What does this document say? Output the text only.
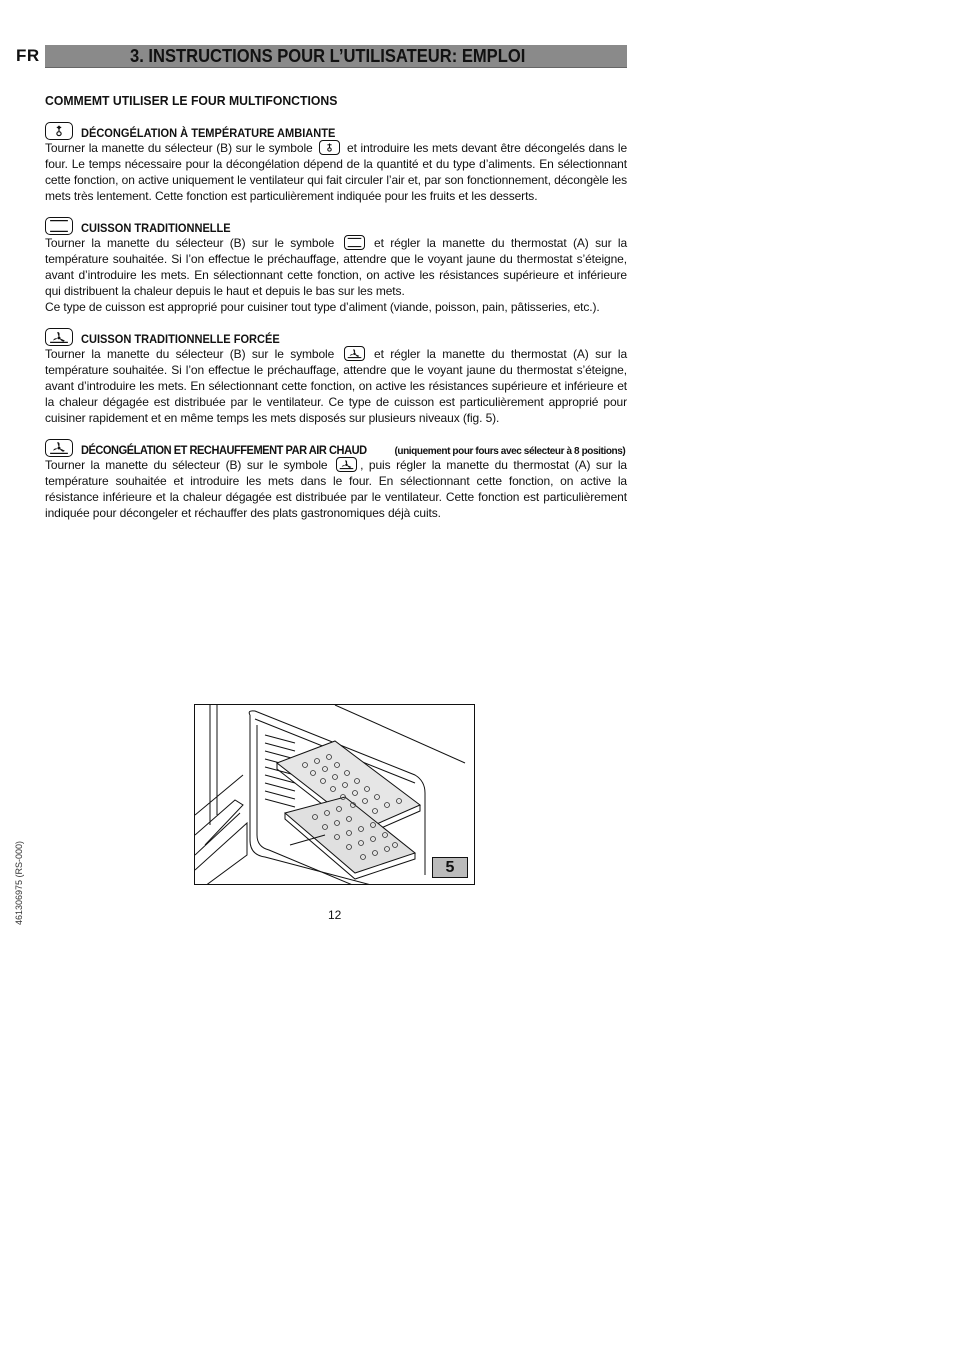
FR	3. INSTRUCTIONS POUR L’UTILISATEUR: EMPLOI
COMMEMT UTILISER LE FOUR MULTIFONCTIONS
DÉCONGÉLATION À TEMPÉRATURE AMBIANTE

Tourner la manette du sélecteur (B) sur le symbole	et introduire les mets devant être décongelés dans le four. Le temps nécessaire pour la décongélation dépend de la quantité et du type d’aliments. En sélectionnant cette fonction, on active uniquement le ventilateur qui fait circuler l’air et, par son fonctionnement, décongèle les mets très lentement. Cette fonction est particulièrement indiquée pour les fruits et les desserts.

CUISSON TRADITIONNELLE

Tourner la manette du sélecteur (B) sur le symbole	et régler la manette du thermostat (A) sur la température souhaitée. Si l’on effectue le préchauffage, attendre que le voyant jaune du thermostat s’éteigne, avant d’introduire les mets. En sélectionnant cette fonction, on active les résistances supérieure et inférieure qui distribuent la chaleur depuis le haut et depuis le bas sur les mets.
Ce type de cuisson est approprié pour cuisiner tout type d’aliment (viande, poisson, pain, pâtisseries, etc.).

CUISSON TRADITIONNELLE FORCÉE

Tourner la manette du sélecteur (B) sur le symbole	et régler la manette du thermostat (A) sur la température souhaitée. Si l’on effectue le préchauffage, attendre que le voyant jaune du thermostat s’éteigne, avant d’introduire les mets. En sélectionnant cette fonction, on active les résistances supérieure et inférieure et la chaleur dégagée est distribuée par le ventilateur. Ce type de cuisson est particulièrement approprié pour cuisiner rapidement et en même temps les mets disposés sur plusieurs niveaux (fig. 5).

DÉCONGÉLATION ET RECHAUFFEMENT PAR AIR CHAUD	(uniquement pour fours avec sélecteur à 8 positions)

Tourner la manette du sélecteur (B) sur le symbole	, puis régler la manette du thermostat (A) sur la température souhaitée et introduire les mets dans le four. En sélectionnant cette fonction, on active la résistance inférieure et la chaleur dégagée est distribuée par le ventilateur. Cette fonction est particulièrement indiquée pour décongeler et réchauffer des plats gastronomiques déjà cuits.

5
12
461306975 (RS-000)
